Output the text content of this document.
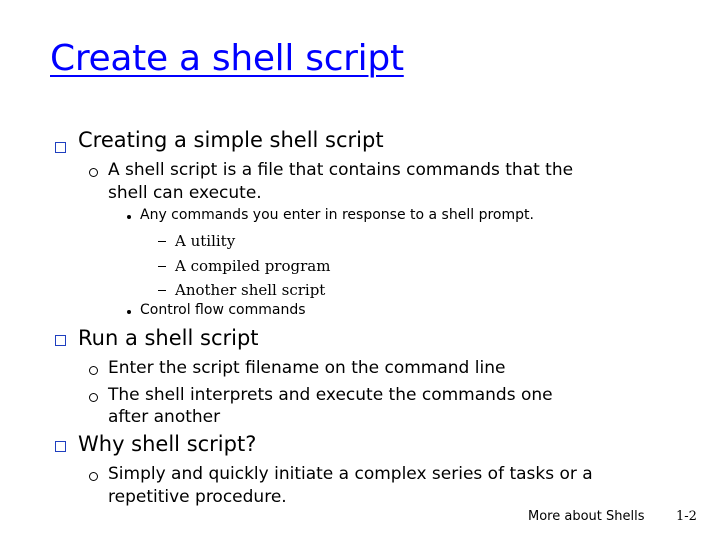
Create a shell script
Creating a simple shell script
A shell script is a file that contains commands that the
shell can execute.
Any commands you enter in response to a shell prompt.
A utility
A compiled program
Another shell script
Control flow commands
Run a shell script
Enter the script filename on the command line
The shell interprets and execute the commands one
after another
Why shell script?
Simply and quickly initiate a complex series of tasks or a
repetitive procedure.
More about Shells 1-2
